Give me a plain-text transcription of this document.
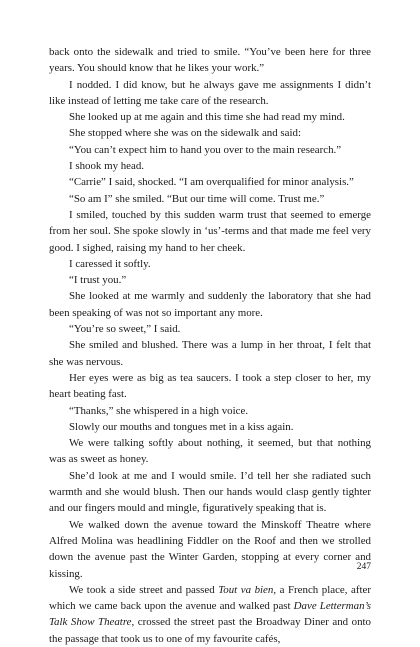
back onto the sidewalk and tried to smile. “You’ve been here for three years. You should know that he likes your work.”

I nodded. I did know, but he always gave me assignments I didn’t like instead of letting me take care of the research.

She looked up at me again and this time she had read my mind.

She stopped where she was on the sidewalk and said:

“You can’t expect him to hand you over to the main research.”

I shook my head.

“Carrie” I said, shocked. “I am overqualified for minor analysis.”

“So am I” she smiled. “But our time will come. Trust me.”

I smiled, touched by this sudden warm trust that seemed to emerge from her soul. She spoke slowly in ‘us’-terms and that made me feel very good. I sighed, raising my hand to her cheek.

I caressed it softly.

“I trust you.”

She looked at me warmly and suddenly the laboratory that she had been speaking of was not so important any more.

“You’re so sweet,” I said.

She smiled and blushed. There was a lump in her throat, I felt that she was nervous.

Her eyes were as big as tea saucers. I took a step closer to her, my heart beating fast.

“Thanks,” she whispered in a high voice.

Slowly our mouths and tongues met in a kiss again.

We were talking softly about nothing, it seemed, but that nothing was as sweet as honey.

She’d look at me and I would smile. I’d tell her she radiated such warmth and she would blush. Then our hands would clasp gently tighter and our fingers mould and mingle, figuratively speaking that is.

We walked down the avenue toward the Minskoff Theatre where Alfred Molina was headlining Fiddler on the Roof and then we strolled down the avenue past the Winter Garden, stopping at every corner and kissing.

We took a side street and passed Tout va bien, a French place, after which we came back upon the avenue and walked past Dave Letterman’s Talk Show Theatre, crossed the street past the Broadway Diner and onto the passage that took us to one of my favourite cafés,

247
